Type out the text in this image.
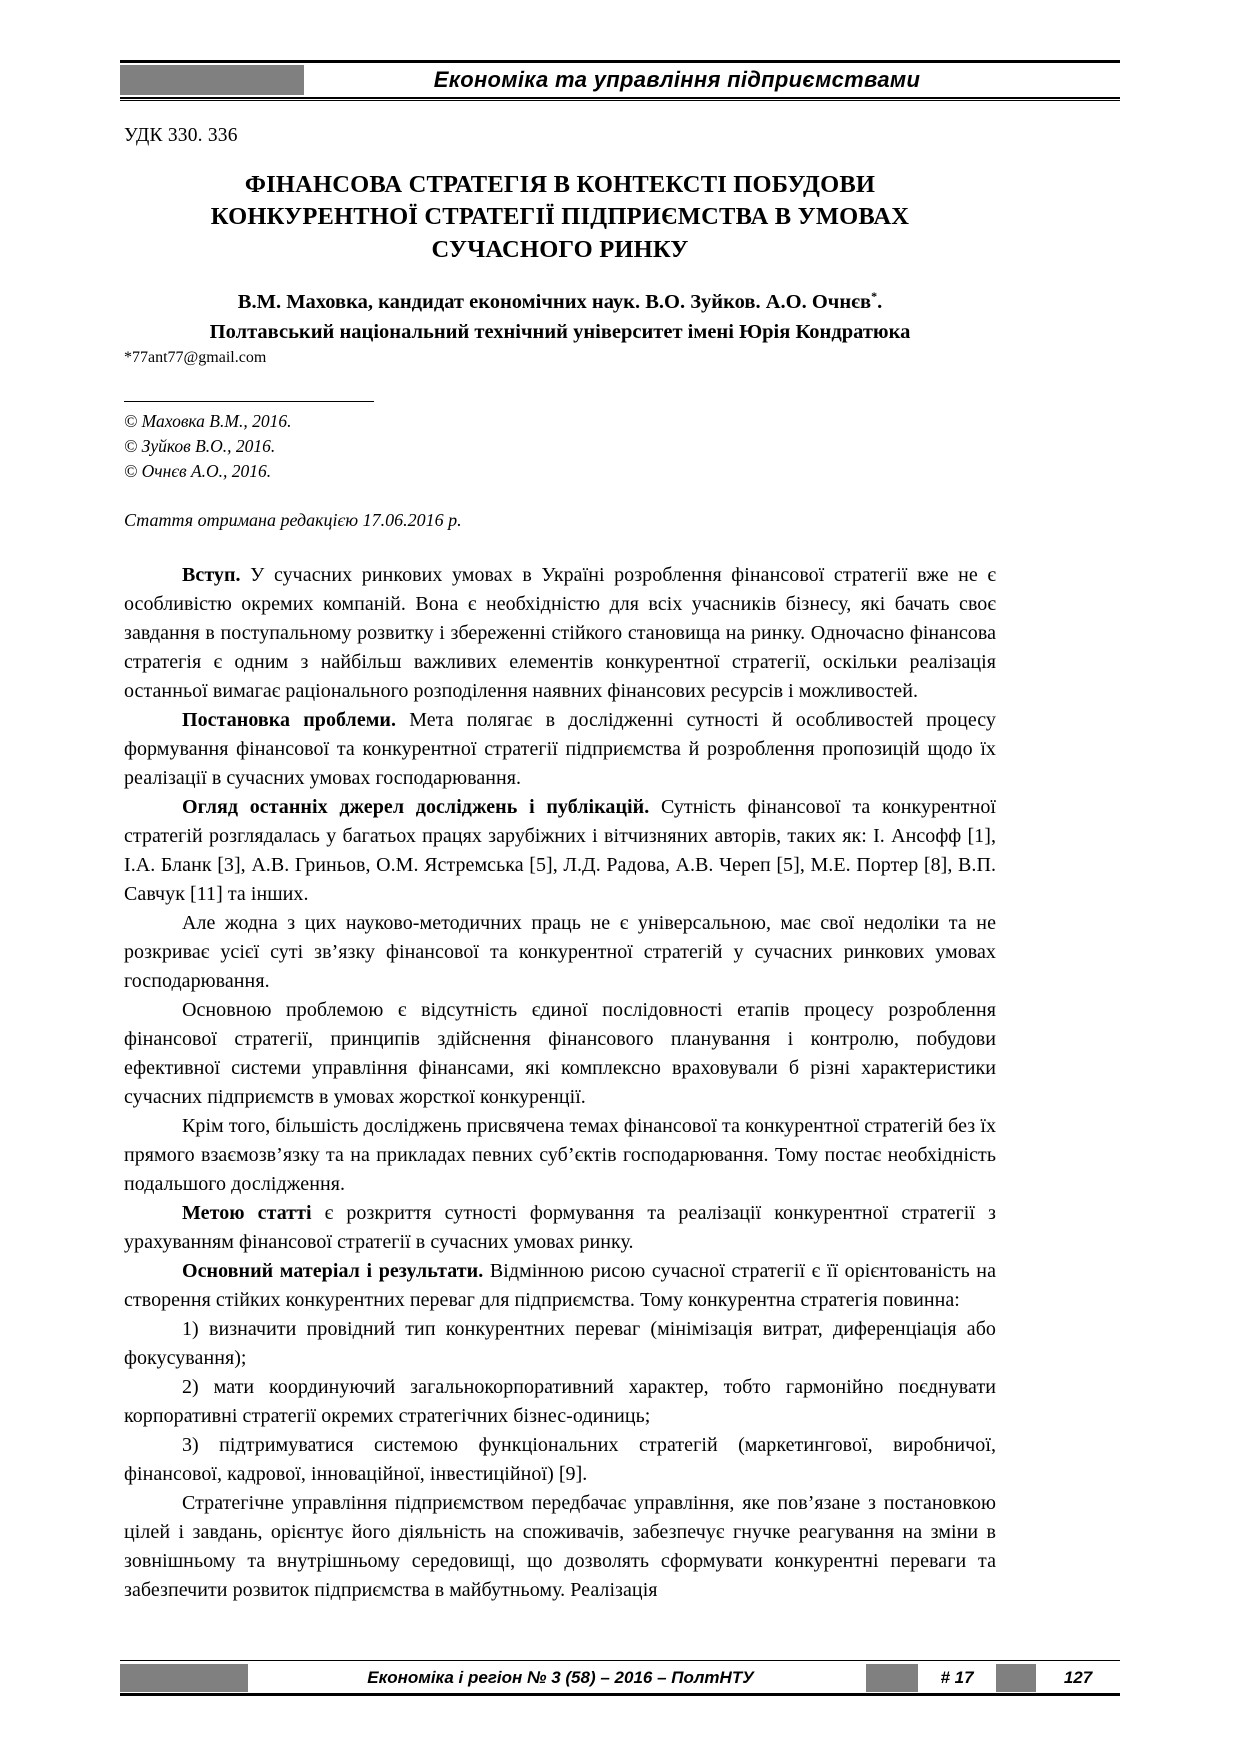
Економіка та управління підприємствами
УДК 330. 336
ФІНАНСОВА СТРАТЕГІЯ В КОНТЕКСТІ ПОБУДОВИ КОНКУРЕНТНОЇ СТРАТЕГІЇ ПІДПРИЄМСТВА В УМОВАХ СУЧАСНОГО РИНКУ
В.М. Маховка, кандидат економічних наук. В.О. Зуйков. А.О. Очнєв*.
Полтавський національний технічний університет імені Юрія Кондратюка
*77ant77@gmail.com
© Маховка В.М., 2016.
© Зуйков В.О., 2016.
© Очнєв А.О., 2016.
Стаття отримана редакцією 17.06.2016 р.

Вступ. У сучасних ринкових умовах в Україні розроблення фінансової стратегії вже не є особливістю окремих компаній. Вона є необхідністю для всіх учасників бізнесу, які бачать своє завдання в поступальному розвитку і збереженні стійкого становища на ринку. Одночасно фінансова стратегія є одним з найбільш важливих елементів конкурентної стратегії, оскільки реалізація останньої вимагає раціонального розподілення наявних фінансових ресурсів і можливостей.

Постановка проблеми. Мета полягає в дослідженні сутності й особливостей процесу формування фінансової та конкурентної стратегії підприємства й розроблення пропозицій щодо їх реалізації в сучасних умовах господарювання.

Огляд останніх джерел досліджень і публікацій. Сутність фінансової та конкурентної стратегій розглядалась у багатьох працях зарубіжних і вітчизняних авторів, таких як: І. Ансофф [1], І.А. Бланк [3], А.В. Гриньов, О.М. Ястремська [5], Л.Д. Радова, А.В. Череп [5], М.Е. Портер [8], В.П. Савчук [11] та інших.

Але жодна з цих науково-методичних праць не є універсальною, має свої недоліки та не розкриває усієї суті зв’язку фінансової та конкурентної стратегій у сучасних ринкових умовах господарювання.

Основною проблемою є відсутність єдиної послідовності етапів процесу розроблення фінансової стратегії, принципів здійснення фінансового планування і контролю, побудови ефективної системи управління фінансами, які комплексно враховували б різні характеристики сучасних підприємств в умовах жорсткої конкуренції.

Крім того, більшість досліджень присвячена темах фінансової та конкурентної стратегій без їх прямого взаємозв’язку та на прикладах певних суб’єктів господарювання. Тому постає необхідність подальшого дослідження.

Метою статті є розкриття сутності формування та реалізації конкурентної стратегії з урахуванням фінансової стратегії в сучасних умовах ринку.

Основний матеріал і результати. Відмінною рисою сучасної стратегії є її орієнтованість на створення стійких конкурентних переваг для підприємства. Тому конкурентна стратегія повинна:

1) визначити провідний тип конкурентних переваг (мінімізація витрат, диференціація або фокусування);

2) мати координуючий загальнокорпоративний характер, тобто гармонійно поєднувати корпоративні стратегії окремих стратегічних бізнес-одиниць;

3) підтримуватися системою функціональних стратегій (маркетингової, виробничої, фінансової, кадрової, інноваційної, інвестиційної) [9].

Стратегічне управління підприємством передбачає управління, яке пов’язане з постановкою цілей і завдань, орієнтує його діяльність на споживачів, забезпечує гнучке реагування на зміни в зовнішньому та внутрішньому середовищі, що дозволять сформувати конкурентні переваги та забезпечити розвиток підприємства в майбутньому. Реалізація

Економіка і регіон № 3 (58) – 2016 – ПолтНТУ	# 17	127
